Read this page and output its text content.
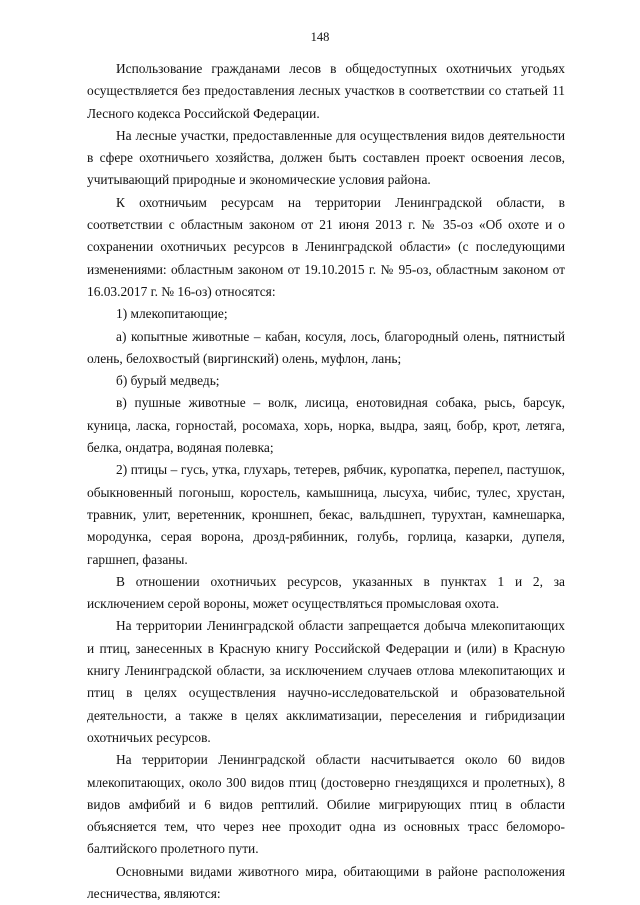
148

Использование гражданами лесов в общедоступных охотничьих угодьях осуществляется без предоставления лесных участков в соответствии со статьей 11 Лесного кодекса Российской Федерации.

На лесные участки, предоставленные для осуществления видов деятельности в сфере охотничьего хозяйства, должен быть составлен проект освоения лесов, учитывающий природные и экономические условия района.

К охотничьим ресурсам на территории Ленинградской области, в соответствии с областным законом от 21 июня 2013 г. № 35-оз «Об охоте и о сохранении охотничьих ресурсов в Ленинградской области» (с последующими изменениями: областным законом от 19.10.2015 г. № 95-оз, областным законом от 16.03.2017 г. № 16-оз) относятся:

1) млекопитающие;

а) копытные животные – кабан, косуля, лось, благородный олень, пятнистый олень, белохвостый (виргинский) олень, муфлон, лань;

б) бурый медведь;

в) пушные животные – волк, лисица, енотовидная собака, рысь, барсук, куница, ласка, горностай, росомаха, хорь, норка, выдра, заяц, бобр, крот, летяга, белка, ондатра, водяная полевка;

2) птицы – гусь, утка, глухарь, тетерев, рябчик, куропатка, перепел, пастушок, обыкновенный погоныш, коростель, камышница, лысуха, чибис, тулес, хрустан, травник, улит, веретенник, кроншнеп, бекас, вальдшнеп, турухтан, камнешарка, мородунка, серая ворона, дрозд-рябинник, голубь, горлица, казарки, дупеля, гаршнеп, фазаны.

В отношении охотничьих ресурсов, указанных в пунктах 1 и 2, за исключением серой вороны, может осуществляться промысловая охота.

На территории Ленинградской области запрещается добыча млекопитающих и птиц, занесенных в Красную книгу Российской Федерации и (или) в Красную книгу Ленинградской области, за исключением случаев отлова млекопитающих и птиц в целях осуществления научно-исследовательской и образовательной деятельности, а также в целях акклиматизации, переселения и гибридизации охотничьих ресурсов.

На территории Ленинградской области насчитывается около 60 видов млекопитающих, около 300 видов птиц (достоверно гнездящихся и пролетных), 8 видов амфибий и 6 видов рептилий. Обилие мигрирующих птиц в области объясняется тем, что через нее проходит одна из основных трасс беломоро-балтийского пролетного пути.

Основными видами животного мира, обитающими в районе расположения лесничества, являются:
